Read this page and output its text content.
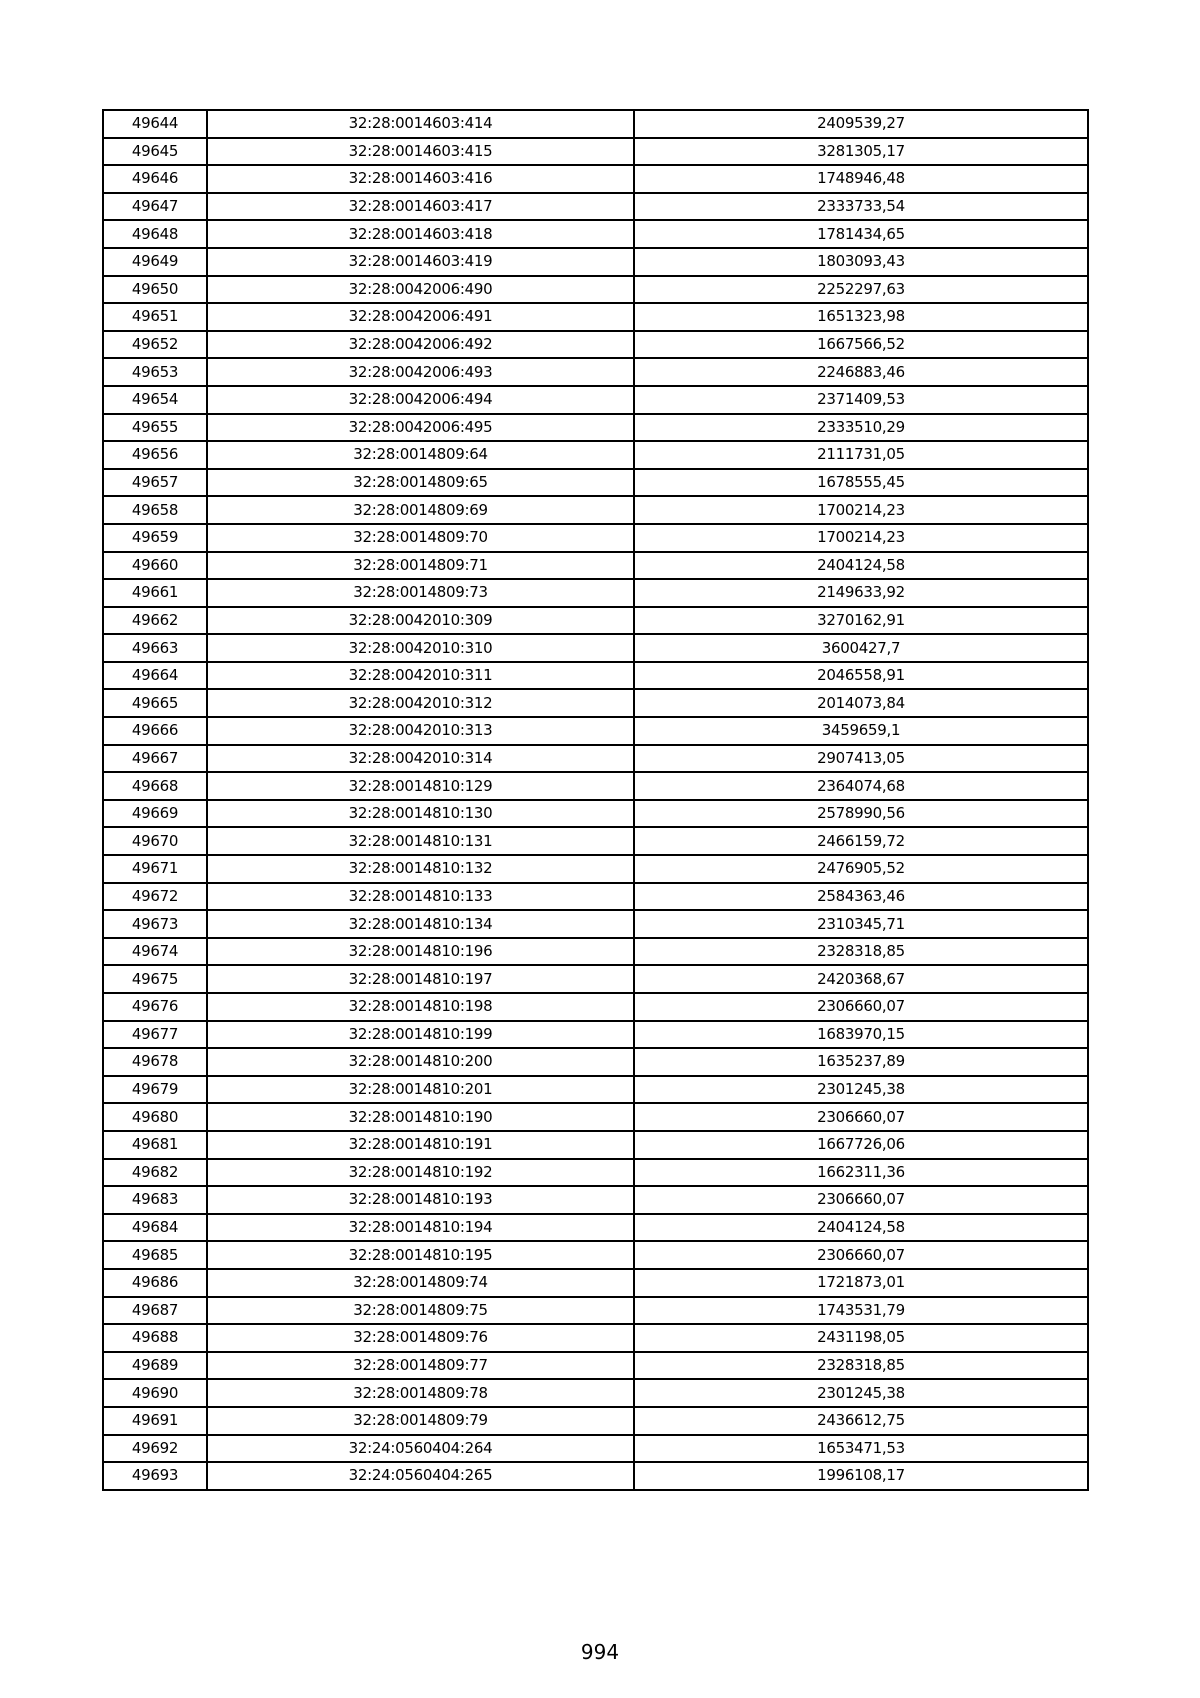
49644	32:28:0014603:414	2409539,27
49645	32:28:0014603:415	3281305,17
49646	32:28:0014603:416	1748946,48
49647	32:28:0014603:417	2333733,54
49648	32:28:0014603:418	1781434,65
49649	32:28:0014603:419	1803093,43
49650	32:28:0042006:490	2252297,63
49651	32:28:0042006:491	1651323,98
49652	32:28:0042006:492	1667566,52
49653	32:28:0042006:493	2246883,46
49654	32:28:0042006:494	2371409,53
49655	32:28:0042006:495	2333510,29
49656	32:28:0014809:64	2111731,05
49657	32:28:0014809:65	1678555,45
49658	32:28:0014809:69	1700214,23
49659	32:28:0014809:70	1700214,23
49660	32:28:0014809:71	2404124,58
49661	32:28:0014809:73	2149633,92
49662	32:28:0042010:309	3270162,91
49663	32:28:0042010:310	3600427,7
49664	32:28:0042010:311	2046558,91
49665	32:28:0042010:312	2014073,84
49666	32:28:0042010:313	3459659,1
49667	32:28:0042010:314	2907413,05
49668	32:28:0014810:129	2364074,68
49669	32:28:0014810:130	2578990,56
49670	32:28:0014810:131	2466159,72
49671	32:28:0014810:132	2476905,52
49672	32:28:0014810:133	2584363,46
49673	32:28:0014810:134	2310345,71
49674	32:28:0014810:196	2328318,85
49675	32:28:0014810:197	2420368,67
49676	32:28:0014810:198	2306660,07
49677	32:28:0014810:199	1683970,15
49678	32:28:0014810:200	1635237,89
49679	32:28:0014810:201	2301245,38
49680	32:28:0014810:190	2306660,07
49681	32:28:0014810:191	1667726,06
49682	32:28:0014810:192	1662311,36
49683	32:28:0014810:193	2306660,07
49684	32:28:0014810:194	2404124,58
49685	32:28:0014810:195	2306660,07
49686	32:28:0014809:74	1721873,01
49687	32:28:0014809:75	1743531,79
49688	32:28:0014809:76	2431198,05
49689	32:28:0014809:77	2328318,85
49690	32:28:0014809:78	2301245,38
49691	32:28:0014809:79	2436612,75
49692	32:24:0560404:264	1653471,53
49693	32:24:0560404:265	1996108,17
994
